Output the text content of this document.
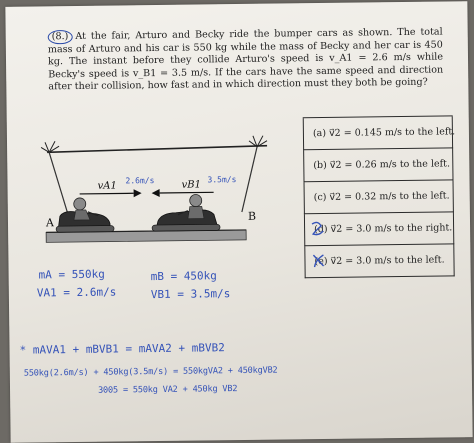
(8.) At the fair, Arturo and Becky ride the bumper cars as shown. The total mass of Arturo and his car is 550 kg while the mass of Becky and her car is 450 kg. The instant before they collide Arturo's speed is v_A1 = 2.6 m/s while Becky's speed is v_B1 = 3.5 m/s. If the cars have the same speed and direction after their collision, how fast and in which direction must they both be going?
vA1 2.6m/s	vB1 3.5m/s
A	B
(a) v⃗2 = 0.145 m/s to the left.
(b) v⃗2 = 0.26 m/s to the left.
(c) v⃗2 = 0.32 m/s to the left.
(d) v⃗2 = 3.0 m/s to the right.
(e) v⃗2 = 3.0 m/s to the left.
mA = 550kg
VA1 = 2.6m/s
mB = 450kg
VB1 = 3.5m/s
* mAVA1 + mBVB1 = mAVA2 + mBVB2
550kg(2.6m/s) + 450kg(3.5m/s) = 550kgVA2 + 450kgVB2
3005 = 550kg VA2 + 450kg VB2
